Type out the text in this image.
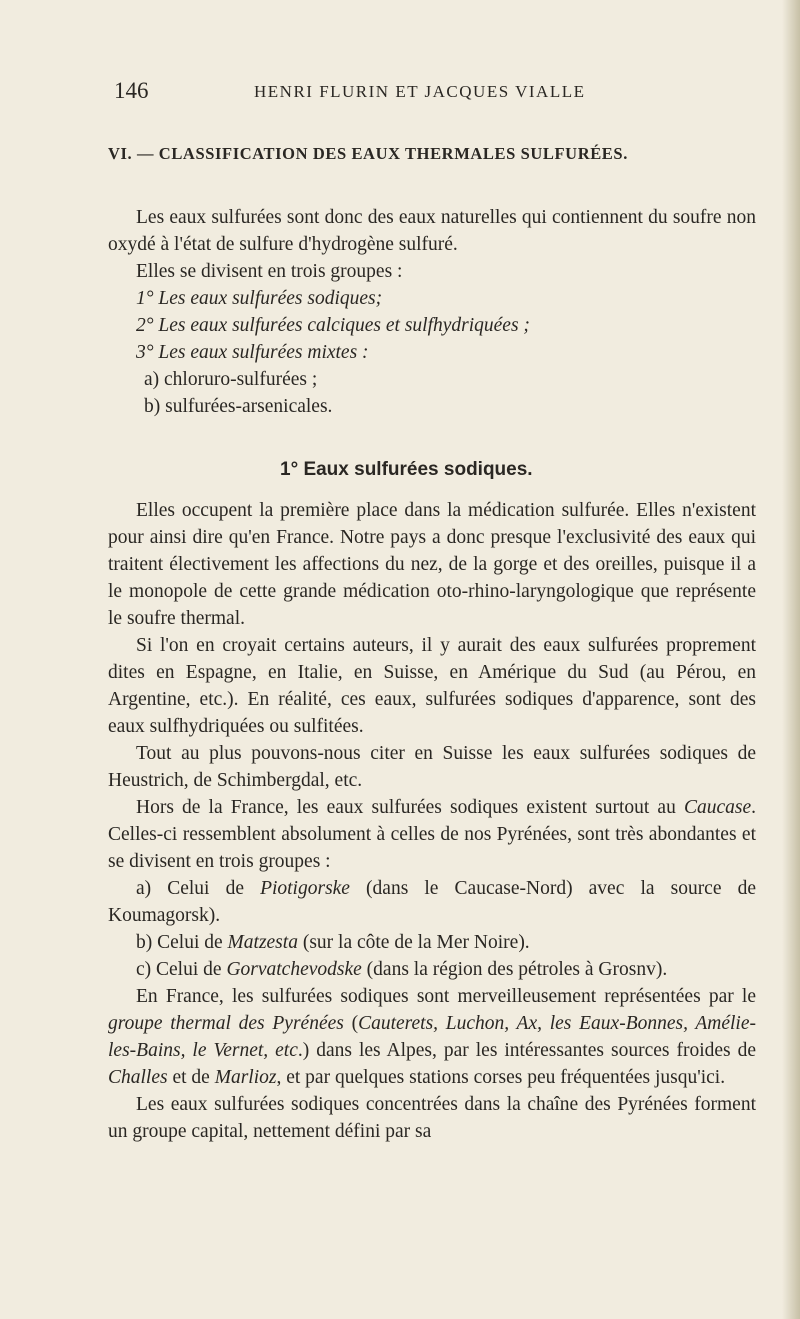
146	HENRI FLURIN ET JACQUES VIALLE

VI. — CLASSIFICATION DES EAUX THERMALES SULFURÉES.

Les eaux sulfurées sont donc des eaux naturelles qui contiennent du soufre non oxydé à l'état de sulfure d'hydrogène sulfuré.

Elles se divisent en trois groupes :

1° Les eaux sulfurées sodiques;

2° Les eaux sulfurées calciques et sulfhydriquées ;

3° Les eaux sulfurées mixtes :

a) chloruro-sulfurées ;

b) sulfurées-arsenicales.

1° Eaux sulfurées sodiques.

Elles occupent la première place dans la médication sulfurée. Elles n'existent pour ainsi dire qu'en France. Notre pays a donc presque l'exclusivité des eaux qui traitent électivement les affections du nez, de la gorge et des oreilles, puisque il a le monopole de cette grande médication oto-rhino-laryngologique que représente le soufre thermal.

Si l'on en croyait certains auteurs, il y aurait des eaux sulfurées proprement dites en Espagne, en Italie, en Suisse, en Amérique du Sud (au Pérou, en Argentine, etc.). En réalité, ces eaux, sulfurées sodiques d'apparence, sont des eaux sulfhydriquées ou sulfitées.

Tout au plus pouvons-nous citer en Suisse les eaux sulfurées sodiques de Heustrich, de Schimbergdal, etc.

Hors de la France, les eaux sulfurées sodiques existent surtout au Caucase. Celles-ci ressemblent absolument à celles de nos Pyrénées, sont très abondantes et se divisent en trois groupes :

a) Celui de Piotigorske (dans le Caucase-Nord) avec la source de Koumagorsk).

b) Celui de Matzesta (sur la côte de la Mer Noire).

c) Celui de Gorvatchevodske (dans la région des pétroles à Grosnv).

En France, les sulfurées sodiques sont merveilleusement représentées par le groupe thermal des Pyrénées (Cauterets, Luchon, Ax, les Eaux-Bonnes, Amélie-les-Bains, le Vernet, etc.) dans les Alpes, par les intéressantes sources froides de Challes et de Marlioz, et par quelques stations corses peu fréquentées jusqu'ici.

Les eaux sulfurées sodiques concentrées dans la chaîne des Pyrénées forment un groupe capital, nettement défini par sa
